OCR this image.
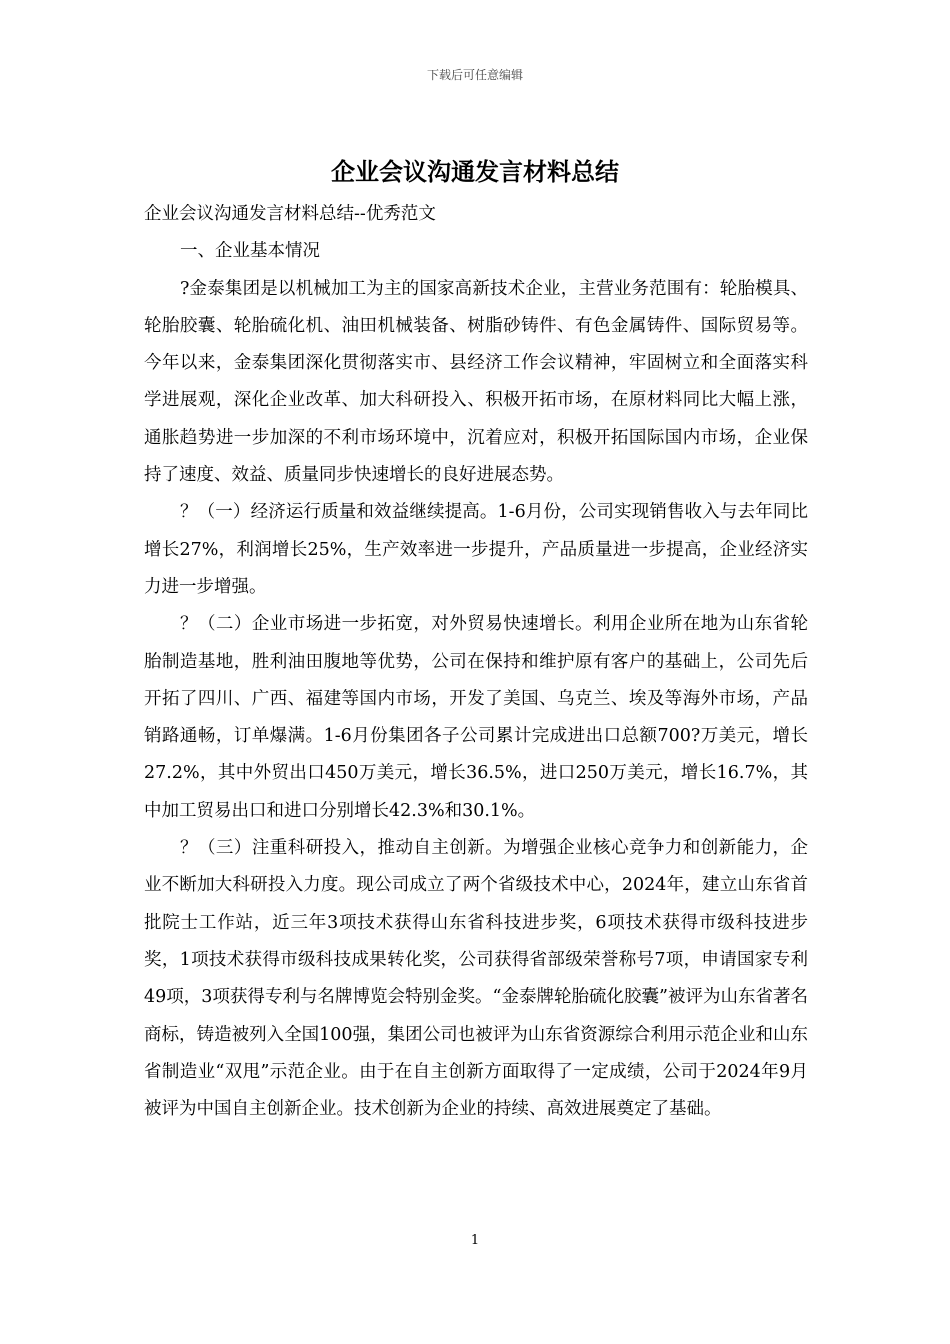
下载后可任意编辑
企业会议沟通发言材料总结

企业会议沟通发言材料总结--优秀范文

一、企业基本情况

?金泰集团是以机械加工为主的国家高新技术企业，主营业务范围有：轮胎模具、轮胎胶囊、轮胎硫化机、油田机械装备、树脂砂铸件、有色金属铸件、国际贸易等。今年以来，金泰集团深化贯彻落实市、县经济工作会议精神，牢固树立和全面落实科学进展观，深化企业改革、加大科研投入、积极开拓市场，在原材料同比大幅上涨，通胀趋势进一步加深的不利市场环境中，沉着应对，积极开拓国际国内市场，企业保持了速度、效益、质量同步快速增长的良好进展态势。

？（一）经济运行质量和效益继续提高。1-6月份，公司实现销售收入与去年同比增长27%，利润增长25%，生产效率进一步提升，产品质量进一步提高，企业经济实力进一步增强。

？（二）企业市场进一步拓宽，对外贸易快速增长。利用企业所在地为山东省轮胎制造基地，胜利油田腹地等优势，公司在保持和维护原有客户的基础上，公司先后开拓了四川、广西、福建等国内市场，开发了美国、乌克兰、埃及等海外市场，产品销路通畅，订单爆满。1-6月份集团各子公司累计完成进出口总额700?万美元，增长27.2%，其中外贸出口450万美元，增长36.5%，进口250万美元，增长16.7%，其中加工贸易出口和进口分别增长42.3%和30.1%。

？（三）注重科研投入，推动自主创新。为增强企业核心竞争力和创新能力，企业不断加大科研投入力度。现公司成立了两个省级技术中心，2024年，建立山东省首批院士工作站，近三年3项技术获得山东省科技进步奖，6项技术获得市级科技进步奖，1项技术获得市级科技成果转化奖，公司获得省部级荣誉称号7项，申请国家专利49项，3项获得专利与名牌博览会特别金奖。“金泰牌轮胎硫化胶囊”被评为山东省著名商标，铸造被列入全国100强，集团公司也被评为山东省资源综合利用示范企业和山东省制造业“双甩”示范企业。由于在自主创新方面取得了一定成绩，公司于2024年9月被评为中国自主创新企业。技术创新为企业的持续、高效进展奠定了基础。

1
